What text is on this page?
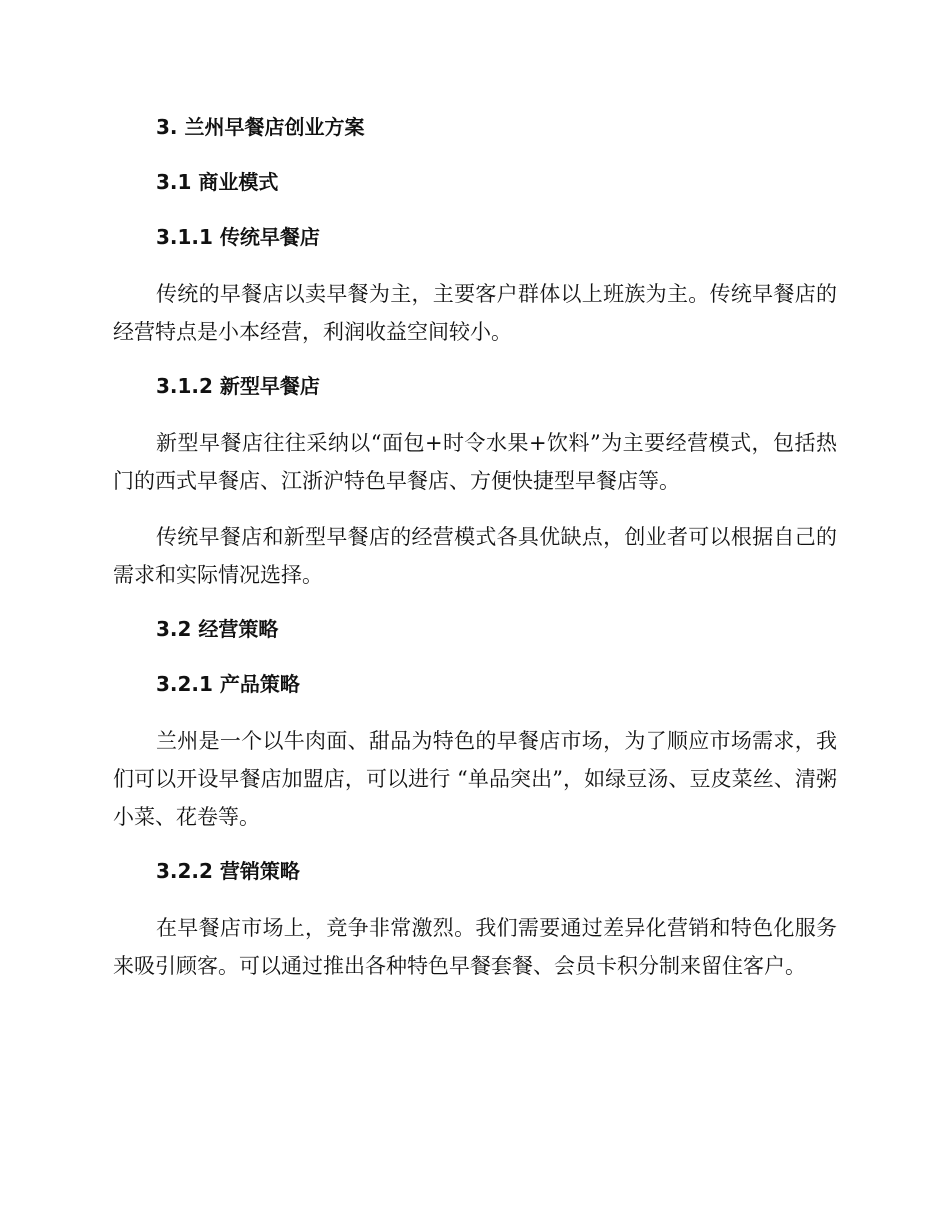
3. 兰州早餐店创业方案
3.1 商业模式
3.1.1 传统早餐店

传统的早餐店以卖早餐为主，主要客户群体以上班族为主。传统早餐店的经营特点是小本经营，利润收益空间较小。

3.1.2 新型早餐店

新型早餐店往往采纳以“面包+时令水果+饮料”为主要经营模式，包括热门的西式早餐店、江浙沪特色早餐店、方便快捷型早餐店等。

传统早餐店和新型早餐店的经营模式各具优缺点，创业者可以根据自己的需求和实际情况选择。

3.2 经营策略
3.2.1 产品策略

兰州是一个以牛肉面、甜品为特色的早餐店市场，为了顺应市场需求，我们可以开设早餐店加盟店，可以进行 “单品突出”，如绿豆汤、豆皮菜丝、清粥小菜、花卷等。

3.2.2 营销策略

在早餐店市场上，竞争非常激烈。我们需要通过差异化营销和特色化服务来吸引顾客。可以通过推出各种特色早餐套餐、会员卡积分制来留住客户。
